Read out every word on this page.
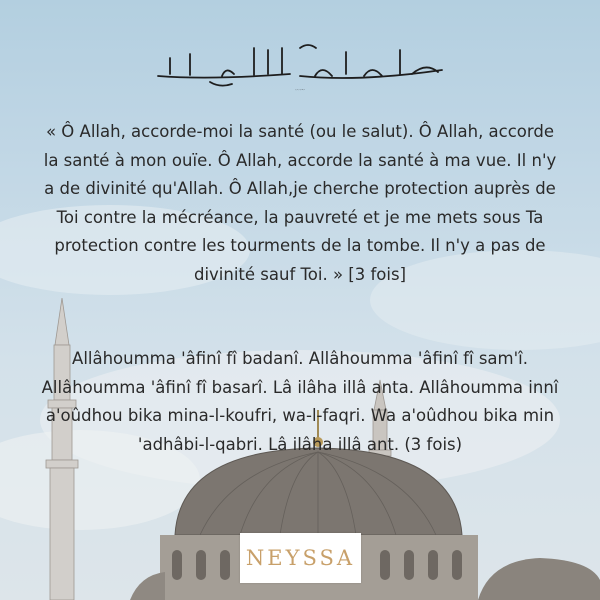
بسم الله الرحمن الرحيم
« Ô Allah, accorde-moi la santé (ou le salut). Ô Allah, accorde la santé à mon ouïe. Ô Allah, accorde la santé à ma vue. Il n'y a de divinité qu'Allah. Ô Allah,je cherche protection auprès de Toi contre la mécréance, la pauvreté et je me mets sous Ta protection contre les tourments de la tombe. Il n'y a pas de divinité sauf Toi. » [3 fois]
Allâhoumma 'âfinî fî badanî. Allâhoumma 'âfinî fî sam'î. Allâhoumma 'âfinî fî basarî. Lâ ilâha illâ anta. Allâhoumma innî a'oûdhou bika mina-l-koufri, wa-l-faqri. Wa a'oûdhou bika min 'adhâbi-l-qabri. Lâ ilâha illâ ant. (3 fois)
NEYSSA
